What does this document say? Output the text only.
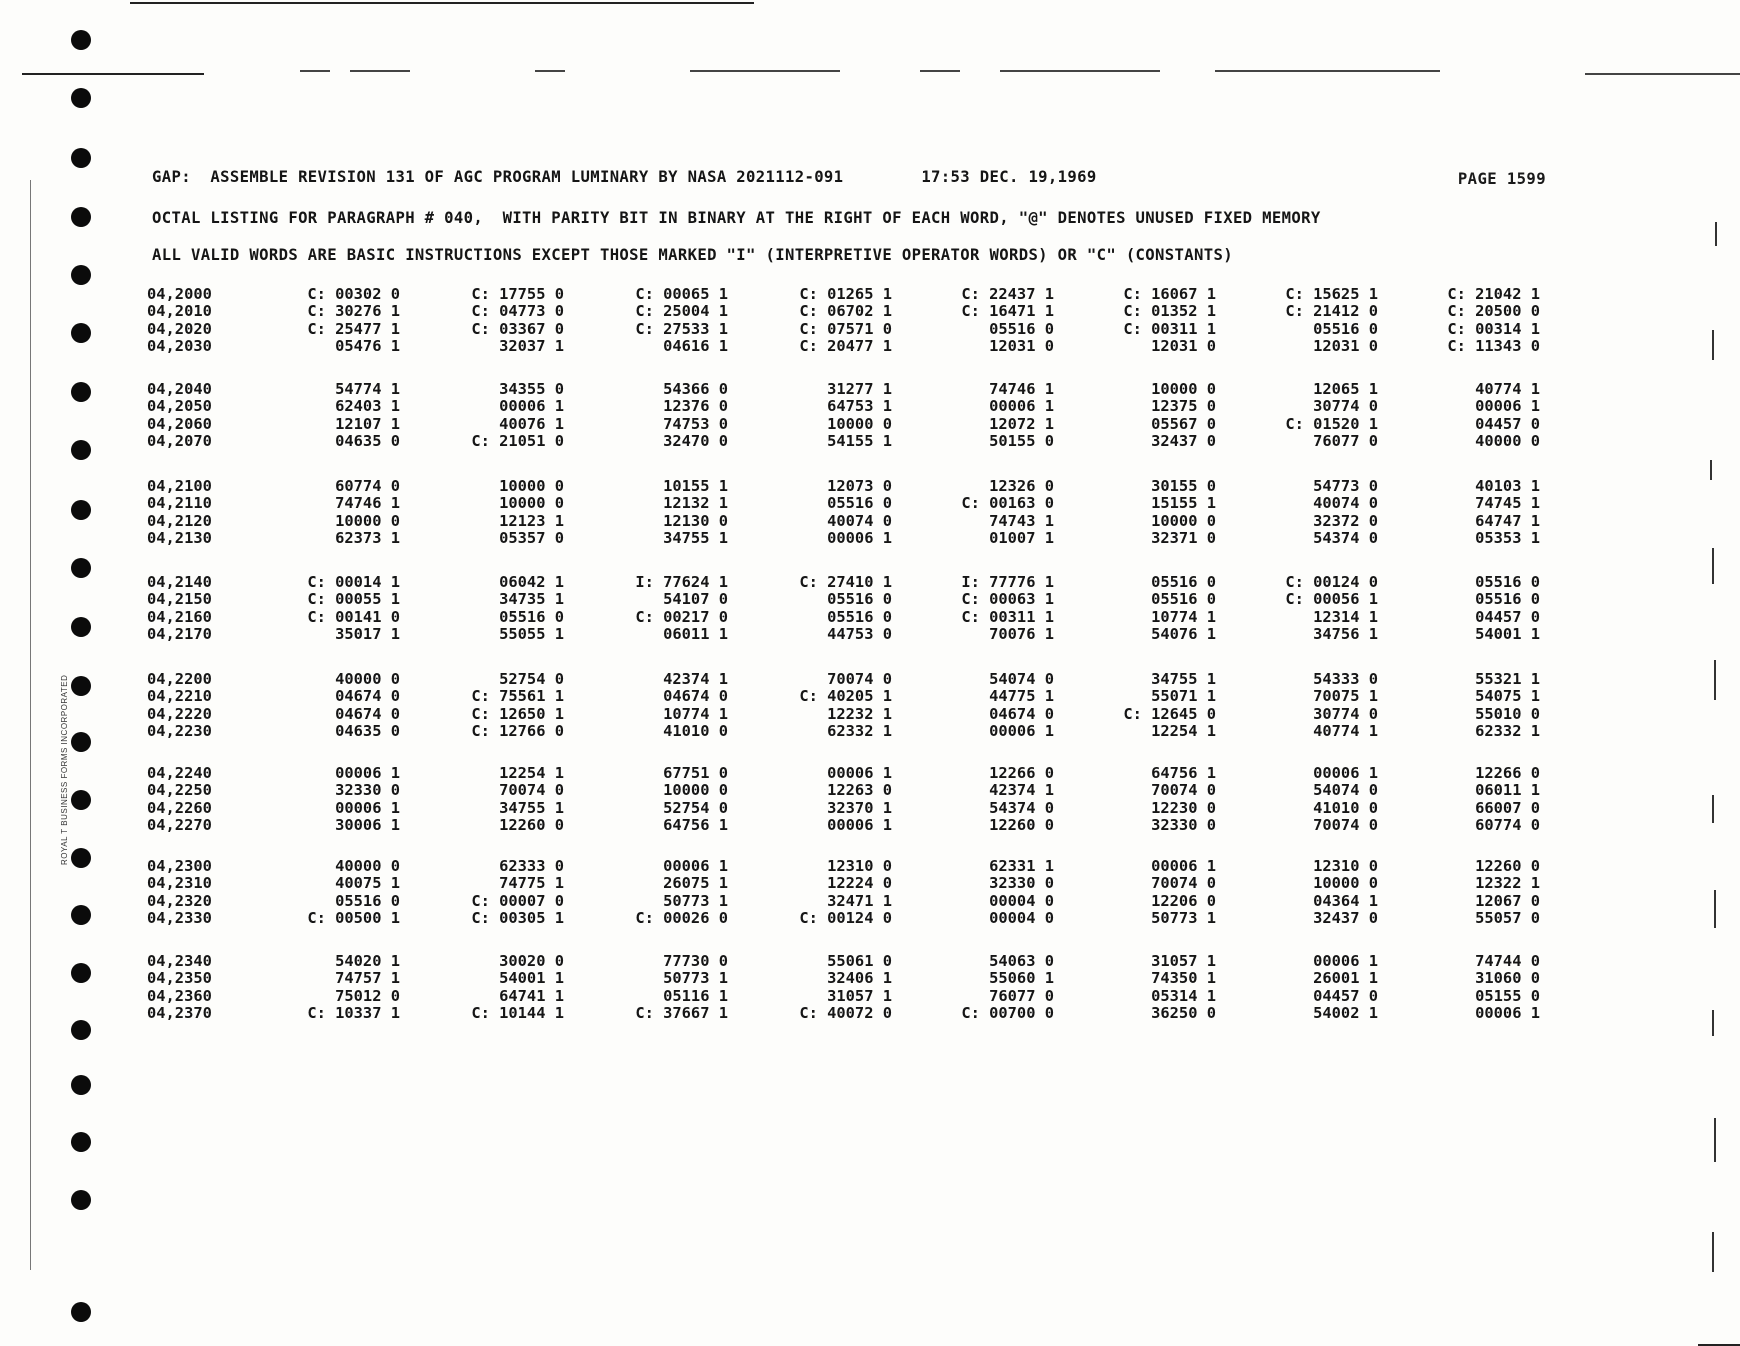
ROYAL T BUSINESS FORMS INCORPORATED
GAP:  ASSEMBLE REVISION 131 OF AGC PROGRAM LUMINARY BY NASA 2021112-091        17:53 DEC. 19,1969	PAGE 1599
OCTAL LISTING FOR PARAGRAPH # 040,  WITH PARITY BIT IN BINARY AT THE RIGHT OF EACH WORD, "@" DENOTES UNUSED FIXED MEMORY
ALL VALID WORDS ARE BASIC INSTRUCTIONS EXCEPT THOSE MARKED "I" (INTERPRETIVE OPERATOR WORDS) OR "C" (CONSTANTS)
04,2000	C: 00302 0	C: 17755 0	C: 00065 1	C: 01265 1	C: 22437 1	C: 16067 1	C: 15625 1	C: 21042 1
04,2010	C: 30276 1	C: 04773 0	C: 25004 1	C: 06702 1	C: 16471 1	C: 01352 1	C: 21412 0	C: 20500 0
04,2020	C: 25477 1	C: 03367 0	C: 27533 1	C: 07571 0	05516 0	C: 00311 1	05516 0	C: 00314 1
04,2030	05476 1	32037 1	04616 1	C: 20477 1	12031 0	12031 0	12031 0	C: 11343 0
04,2040	54774 1	34355 0	54366 0	31277 1	74746 1	10000 0	12065 1	40774 1
04,2050	62403 1	00006 1	12376 0	64753 1	00006 1	12375 0	30774 0	00006 1
04,2060	12107 1	40076 1	74753 0	10000 0	12072 1	05567 0	C: 01520 1	04457 0
04,2070	04635 0	C: 21051 0	32470 0	54155 1	50155 0	32437 0	76077 0	40000 0
04,2100	60774 0	10000 0	10155 1	12073 0	12326 0	30155 0	54773 0	40103 1
04,2110	74746 1	10000 0	12132 1	05516 0	C: 00163 0	15155 1	40074 0	74745 1
04,2120	10000 0	12123 1	12130 0	40074 0	74743 1	10000 0	32372 0	64747 1
04,2130	62373 1	05357 0	34755 1	00006 1	01007 1	32371 0	54374 0	05353 1
04,2140	C: 00014 1	06042 1	I: 77624 1	C: 27410 1	I: 77776 1	05516 0	C: 00124 0	05516 0
04,2150	C: 00055 1	34735 1	54107 0	05516 0	C: 00063 1	05516 0	C: 00056 1	05516 0
04,2160	C: 00141 0	05516 0	C: 00217 0	05516 0	C: 00311 1	10774 1	12314 1	04457 0
04,2170	35017 1	55055 1	06011 1	44753 0	70076 1	54076 1	34756 1	54001 1
04,2200	40000 0	52754 0	42374 1	70074 0	54074 0	34755 1	54333 0	55321 1
04,2210	04674 0	C: 75561 1	04674 0	C: 40205 1	44775 1	55071 1	70075 1	54075 1
04,2220	04674 0	C: 12650 1	10774 1	12232 1	04674 0	C: 12645 0	30774 0	55010 0
04,2230	04635 0	C: 12766 0	41010 0	62332 1	00006 1	12254 1	40774 1	62332 1
04,2240	00006 1	12254 1	67751 0	00006 1	12266 0	64756 1	00006 1	12266 0
04,2250	32330 0	70074 0	10000 0	12263 0	42374 1	70074 0	54074 0	06011 1
04,2260	00006 1	34755 1	52754 0	32370 1	54374 0	12230 0	41010 0	66007 0
04,2270	30006 1	12260 0	64756 1	00006 1	12260 0	32330 0	70074 0	60774 0
04,2300	40000 0	62333 0	00006 1	12310 0	62331 1	00006 1	12310 0	12260 0
04,2310	40075 1	74775 1	26075 1	12224 0	32330 0	70074 0	10000 0	12322 1
04,2320	05516 0	C: 00007 0	50773 1	32471 1	00004 0	12206 0	04364 1	12067 0
04,2330	C: 00500 1	C: 00305 1	C: 00026 0	C: 00124 0	00004 0	50773 1	32437 0	55057 0
04,2340	54020 1	30020 0	77730 0	55061 0	54063 0	31057 1	00006 1	74744 0
04,2350	74757 1	54001 1	50773 1	32406 1	55060 1	74350 1	26001 1	31060 0
04,2360	75012 0	64741 1	05116 1	31057 1	76077 0	05314 1	04457 0	05155 0
04,2370	C: 10337 1	C: 10144 1	C: 37667 1	C: 40072 0	C: 00700 0	36250 0	54002 1	00006 1
